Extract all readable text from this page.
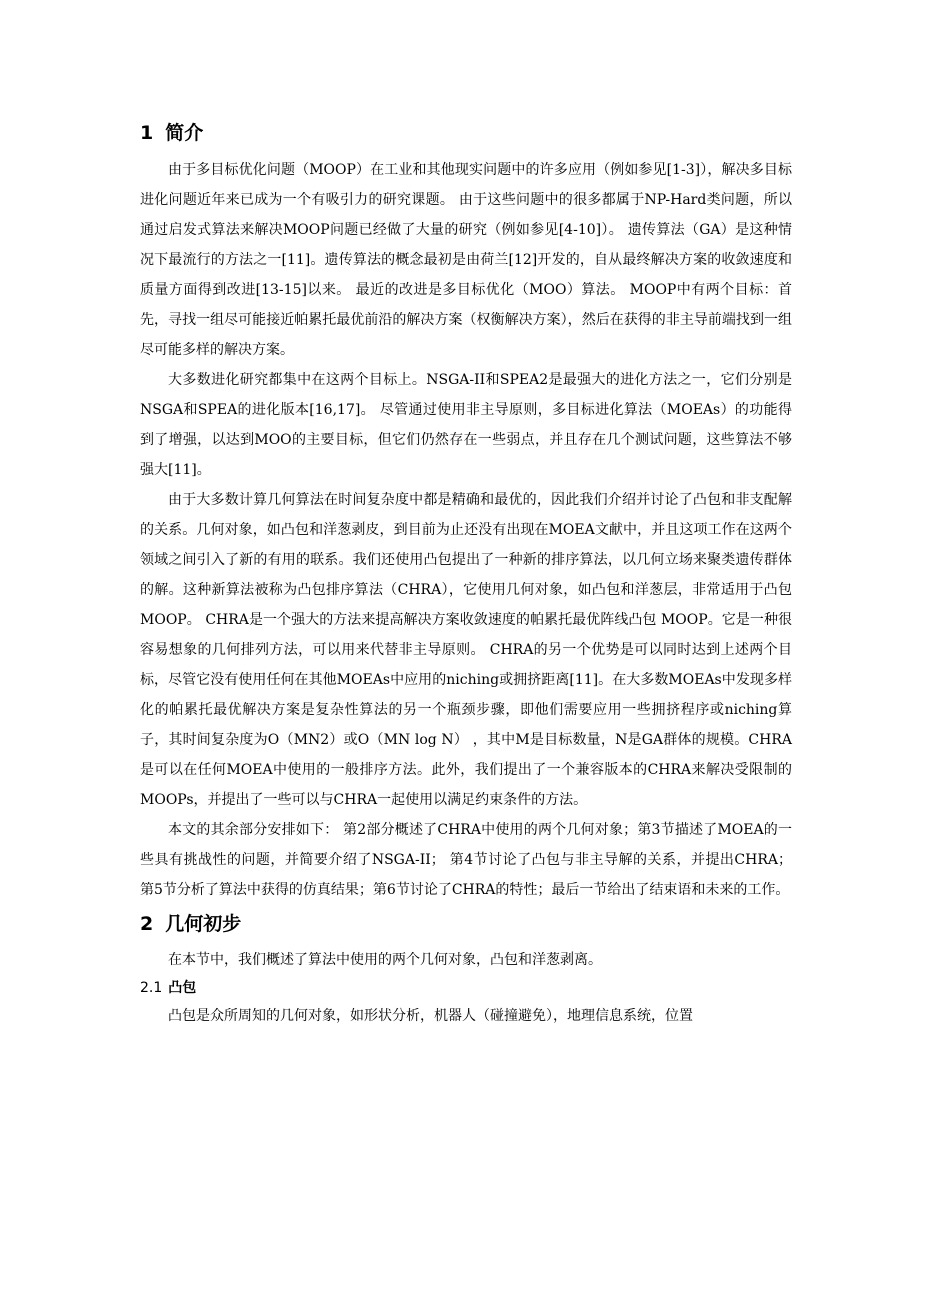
1 简介

由于多目标优化问题（MOOP）在工业和其他现实问题中的许多应用（例如参见[1-3]），解决多目标进化问题近年来已成为一个有吸引力的研究课题。 由于这些问题中的很多都属于NP-Hard类问题，所以通过启发式算法来解决MOOP问题已经做了大量的研究（例如参见[4-10]）。 遗传算法（GA）是这种情况下最流行的方法之一[11]。遗传算法的概念最初是由荷兰[12]开发的，自从最终解决方案的收敛速度和质量方面得到改进[13-15]以来。 最近的改进是多目标优化（MOO）算法。 MOOP中有两个目标：首先，寻找一组尽可能接近帕累托最优前沿的解决方案（权衡解决方案），然后在获得的非主导前端找到一组尽可能多样的解决方案。

大多数进化研究都集中在这两个目标上。NSGA-II和SPEA2是最强大的进化方法之一，它们分别是NSGA和SPEA的进化版本[16,17]。 尽管通过使用非主导原则，多目标进化算法（MOEAs）的功能得到了增强，以达到MOO的主要目标，但它们仍然存在一些弱点，并且存在几个测试问题，这些算法不够强大[11]。

由于大多数计算几何算法在时间复杂度中都是精确和最优的，因此我们介绍并讨论了凸包和非支配解的关系。几何对象，如凸包和洋葱剥皮，到目前为止还没有出现在MOEA文献中，并且这项工作在这两个领域之间引入了新的有用的联系。我们还使用凸包提出了一种新的排序算法，以几何立场来聚类遗传群体的解。这种新算法被称为凸包排序算法（CHRA），它使用几何对象，如凸包和洋葱层，非常适用于凸包MOOP。 CHRA是一个强大的方法来提高解决方案收敛速度的帕累托最优阵线凸包 MOOP。它是一种很容易想象的几何排列方法，可以用来代替非主导原则。 CHRA的另一个优势是可以同时达到上述两个目标，尽管它没有使用任何在其他MOEAs中应用的niching或拥挤距离[11]。在大多数MOEAs中发现多样化的帕累托最优解决方案是复杂性算法的另一个瓶颈步骤，即他们需要应用一些拥挤程序或niching算子，其时间复杂度为O（MN2）或O（MN log N） ，其中M是目标数量，N是GA群体的规模。CHRA是可以在任何MOEA中使用的一般排序方法。此外，我们提出了一个兼容版本的CHRA来解决受限制的MOOPs，并提出了一些可以与CHRA一起使用以满足约束条件的方法。

本文的其余部分安排如下： 第2部分概述了CHRA中使用的两个几何对象；第3节描述了MOEA的一些具有挑战性的问题，并简要介绍了NSGA-II； 第4节讨论了凸包与非主导解的关系，并提出CHRA； 第5节分析了算法中获得的仿真结果；第6节讨论了CHRA的特性；最后一节给出了结束语和未来的工作。

2 几何初步

在本节中，我们概述了算法中使用的两个几何对象，凸包和洋葱剥离。

2.1 凸包

凸包是众所周知的几何对象，如形状分析，机器人（碰撞避免），地理信息系统，位置
